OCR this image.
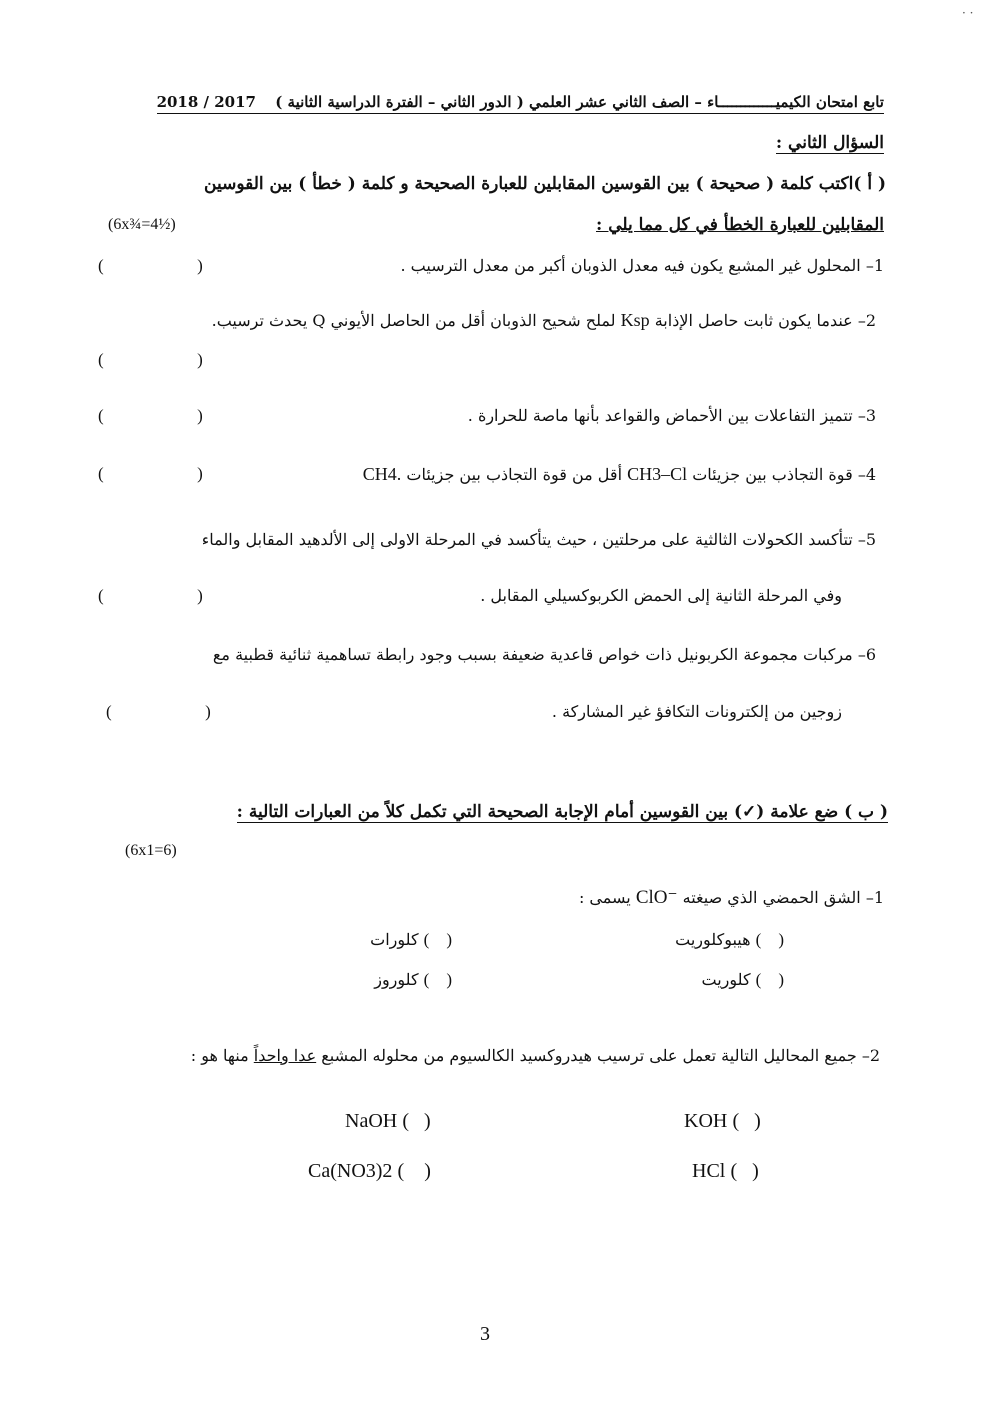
· ·
تابع امتحان الكيميـــــــــــــاء – الصف الثاني عشر العلمي ( الدور الثاني – الفترة الدراسية الثانية ) 2018 / 2017
السؤال الثاني :
( أ )اكتب كلمة ( صحيحة ) بين القوسين المقابلين للعبارة الصحيحة و كلمة ( خطأ ) بين القوسين
المقابلين للعبارة الخطأ في كل مما يلي :
(6x¾=4½)
1– المحلول غير المشبع يكون فيه معدل الذوبان أكبر من معدل الترسيب .
(                      )
2– عندما يكون ثابت حاصل الإذابة Ksp لملح شحيح الذوبان أقل من الحاصل الأيوني Q يحدث ترسيب.
(                      )
3– تتميز التفاعلات بين الأحماض والقواعد بأنها ماصة للحرارة .
(                      )
4– قوة التجاذب بين جزيئات CH3–Cl أقل من قوة التجاذب بين جزيئات CH4.
(                      )
5– تتأكسد الكحولات الثالثية على مرحلتين ، حيث يتأكسد في المرحلة الاولى إلى الألدهيد المقابل والماء
وفي المرحلة الثانية إلى الحمض الكربوكسيلي المقابل .
(                      )
6– مركبات مجموعة الكربونيل ذات خواص قاعدية ضعيفة بسبب وجود رابطة تساهمية ثنائية قطبية مع
زوجين من إلكترونات التكافؤ غير المشاركة .
(                      )
( ب ) ضع علامة (✓) بين القوسين أمام الإجابة الصحيحة التي تكمل كلاً من العبارات التالية :
(6x1=6)
1– الشق الحمضي الذي صيغته ClO⁻ يسمى :
(    ) هيبوكلوريت
(    ) كلورات
(    ) كلوريت
(    ) كلوروز
2– جميع المحاليل التالية تعمل على ترسيب هيدروكسيد الكالسيوم من محلوله المشبع عدا واحداً منها هو :
KOH (   )
NaOH (   )
HCl (   )
Ca(NO3)2 (    )
3
